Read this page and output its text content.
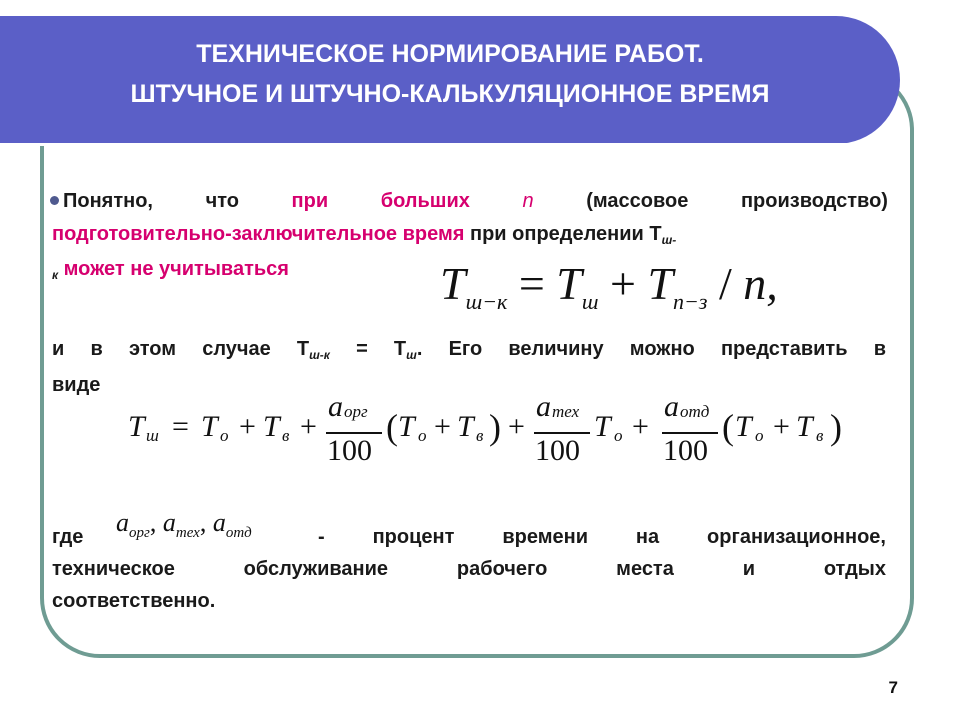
ТЕХНИЧЕСКОЕ НОРМИРОВАНИЕ РАБОТ.
ШТУЧНОЕ И ШТУЧНО-КАЛЬКУЛЯЦИОННОЕ ВРЕМЯ
Понятно,	что	при	больших	n	(массовое	производство)
подготовительно-заключительное время при определении $Т_{ш-}$
$_к$ может не учитываться	$T_{ш-к} = T_ш + T_{п-з} / n$,
и в этом случае $Т_{ш-к} = Т_ш$. Его величину можно представить в
виде
T ш = T о + T в +
a орг
100
( T о + T в ) +
a тех
100
T о +
a отд
100
( T о + T в )
где $a_{орг}$, $a_{тех}$, $a_{отд}$	- процент времени на организационное,
техническое обслуживание рабочего места и отдых
соответственно.
7
